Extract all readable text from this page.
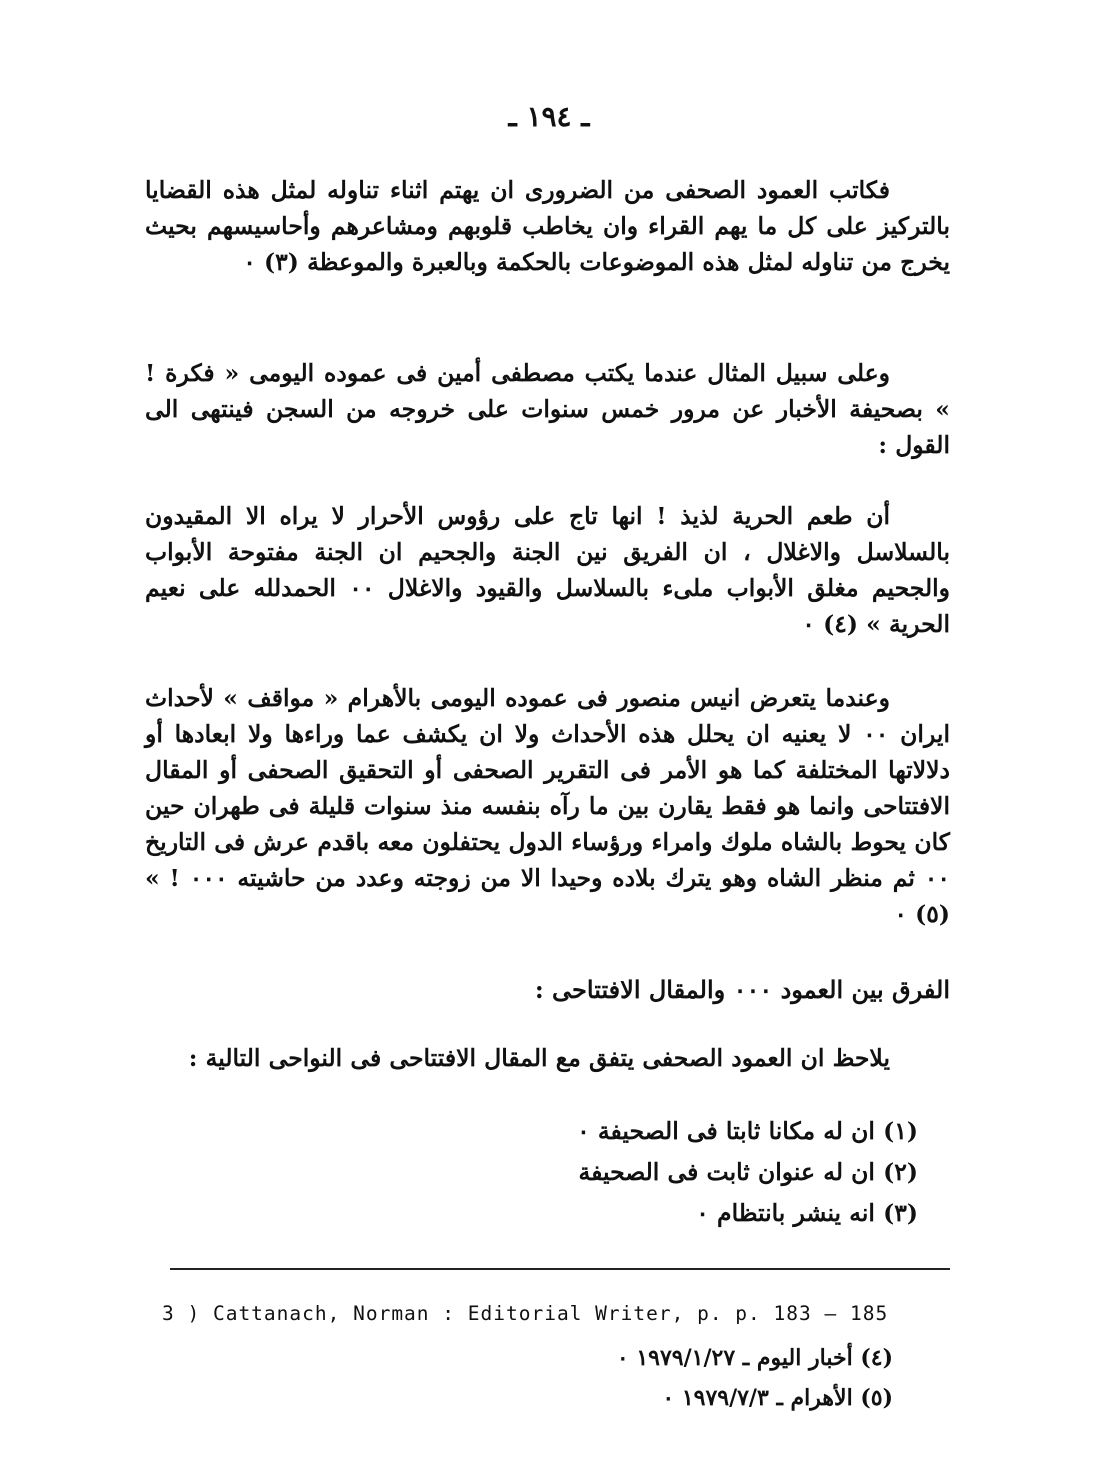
ـ ١٩٤ ـ

فكاتب العمود الصحفى من الضرورى ان يهتم اثناء تناوله لمثل هذه القضايا بالتركيز على كل ما يهم القراء وان يخاطب قلوبهم ومشاعرهم وأحاسيسهم بحيث يخرج من تناوله لمثل هذه الموضوعات بالحكمة وبالعبرة والموعظة (٣) ٠

وعلى سبيل المثال عندما يكتب مصطفى أمين فى عموده اليومى « فكرة ! » بصحيفة الأخبار عن مرور خمس سنوات على خروجه من السجن فينتهى الى القول :

أن طعم الحرية لذيذ ! انها تاج على رؤوس الأحرار لا يراه الا المقيدون بالسلاسل والاغلال ، ان الفريق نين الجنة والجحيم ان الجنة مفتوحة الأبواب والجحيم مغلق الأبواب ملىء بالسلاسل والقيود والاغلال ٠٠ الحمدلله على نعيم الحرية » (٤) ٠

وعندما يتعرض انيس منصور فى عموده اليومى بالأهرام « مواقف » لأحداث ايران ٠٠ لا يعنيه ان يحلل هذه الأحداث ولا ان يكشف عما وراءها ولا ابعادها أو دلالاتها المختلفة كما هو الأمر فى التقرير الصحفى أو التحقيق الصحفى أو المقال الافتتاحى وانما هو فقط يقارن بين ما رآه بنفسه منذ سنوات قليلة فى طهران حين كان يحوط بالشاه ملوك وامراء ورؤساء الدول يحتفلون معه باقدم عرش فى التاريخ ٠٠ ثم منظر الشاه وهو يترك بلاده وحيدا الا من زوجته وعدد من حاشيته ٠٠٠ ! » (٥) ٠

الفرق بين العمود ٠٠٠ والمقال الافتتاحى :

يلاحظ ان العمود الصحفى يتفق مع المقال الافتتاحى فى النواحى التالية :

(١) ان له مكانا ثابتا فى الصحيفة ٠
(٢) ان له عنوان ثابت فى الصحيفة
(٣) انه ينشر بانتظام ٠
3 ) Cattanach, Norman : Editorial Writer, p. p. 183 — 185
(٤) أخبار اليوم ـ ١٩٧٩/١/٢٧ ٠
(٥) الأهرام ـ ١٩٧٩/٧/٣ ٠
